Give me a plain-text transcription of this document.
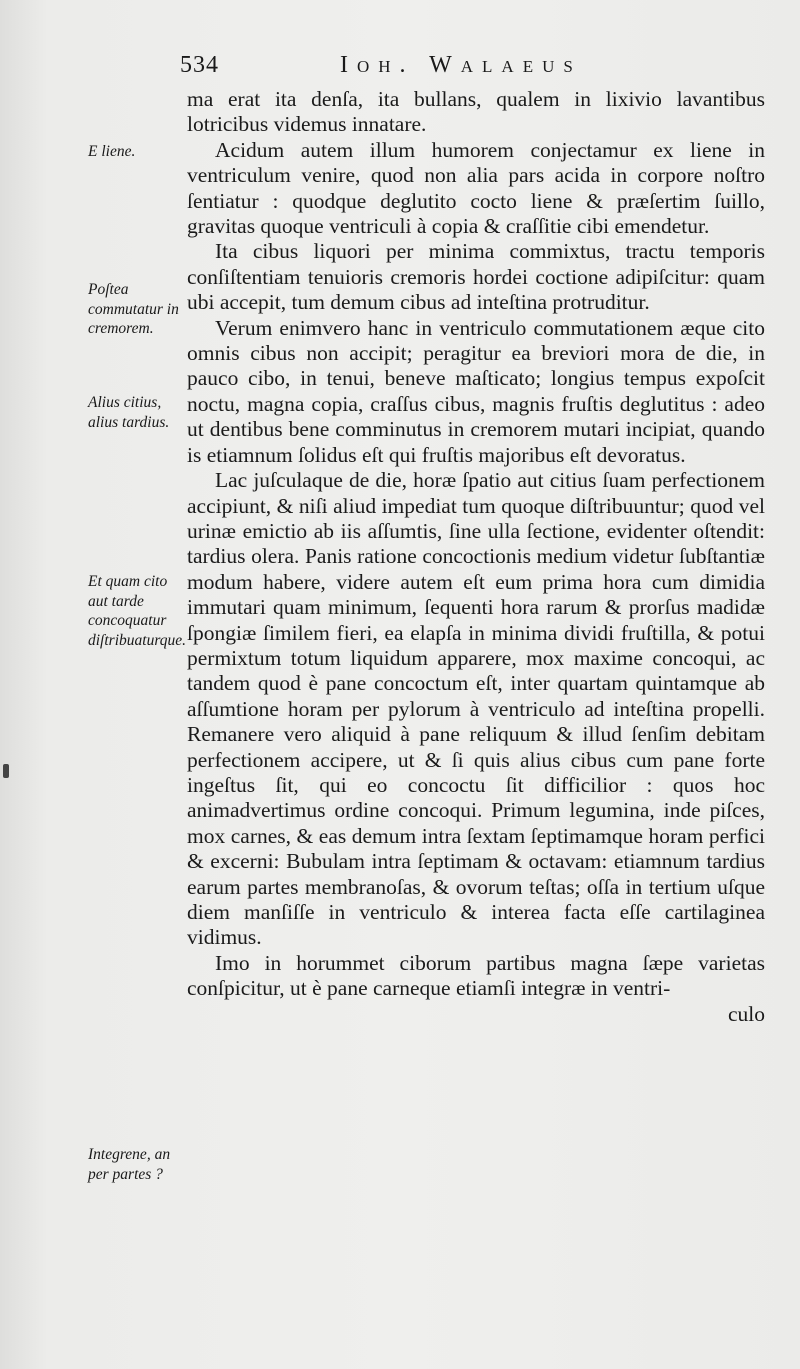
534	Ioh. Walaeus
E liene.
Poſtea commutatur in cremorem.
Alius citius, alius tardius.
Et quam cito aut tarde concoquatur diſtribuaturque.
Integrene, an per partes ?

ma erat ita denſa, ita bullans, qualem in lixivio lavantibus lotricibus videmus innatare.

Acidum autem illum humorem conjectamur ex liene in ventriculum venire, quod non alia pars acida in corpore noſtro ſentiatur : quodque deglutito cocto liene & præſertim ſuillo, gravitas quoque ventriculi à copia & craſſitie cibi emendetur.

Ita cibus liquori per minima commixtus, tractu temporis conſiſtentiam tenuioris cremoris hordei coctione adipiſcitur: quam ubi accepit, tum demum cibus ad inteſtina protruditur.

Verum enimvero hanc in ventriculo commutationem æque cito omnis cibus non accipit; peragitur ea breviori mora de die, in pauco cibo, in tenui, beneve maſticato; longius tempus expoſcit noctu, magna copia, craſſus cibus, magnis fruſtis deglutitus : adeo ut dentibus bene comminutus in cremorem mutari incipiat, quando is etiamnum ſolidus eſt qui fruſtis majoribus eſt devoratus.

Lac juſculaque de die, horæ ſpatio aut citius ſuam perfectionem accipiunt, & niſi aliud impediat tum quoque diſtribuuntur; quod vel urinæ emictio ab iis aſſumtis, ſine ulla ſectione, evidenter oſtendit: tardius olera. Panis ratione concoctionis medium videtur ſubſtantiæ modum habere, videre autem eſt eum prima hora cum dimidia immutari quam minimum, ſequenti hora rarum & prorſus madidæ ſpongiæ ſimilem fieri, ea elapſa in minima dividi fruſtilla, & potui permixtum totum liquidum apparere, mox maxime concoqui, ac tandem quod è pane concoctum eſt, inter quartam quintamque ab aſſumtione horam per pylorum à ventriculo ad inteſtina propelli. Remanere vero aliquid à pane reliquum & illud ſenſim debitam perfectionem accipere, ut & ſi quis alius cibus cum pane forte ingeſtus ſit, qui eo concoctu ſit difficilior : quos hoc animadvertimus ordine concoqui. Primum legumina, inde piſces, mox carnes, & eas demum intra ſextam ſeptimamque horam perfici & excerni: Bubulam intra ſeptimam & octavam: etiamnum tardius earum partes membranoſas, & ovorum teſtas; oſſa in tertium uſque diem manſiſſe in ventriculo & interea facta eſſe cartilaginea vidimus.

Imo in horummet ciborum partibus magna ſæpe varietas conſpicitur, ut è pane carneque etiamſi integræ in ventri-

culo
